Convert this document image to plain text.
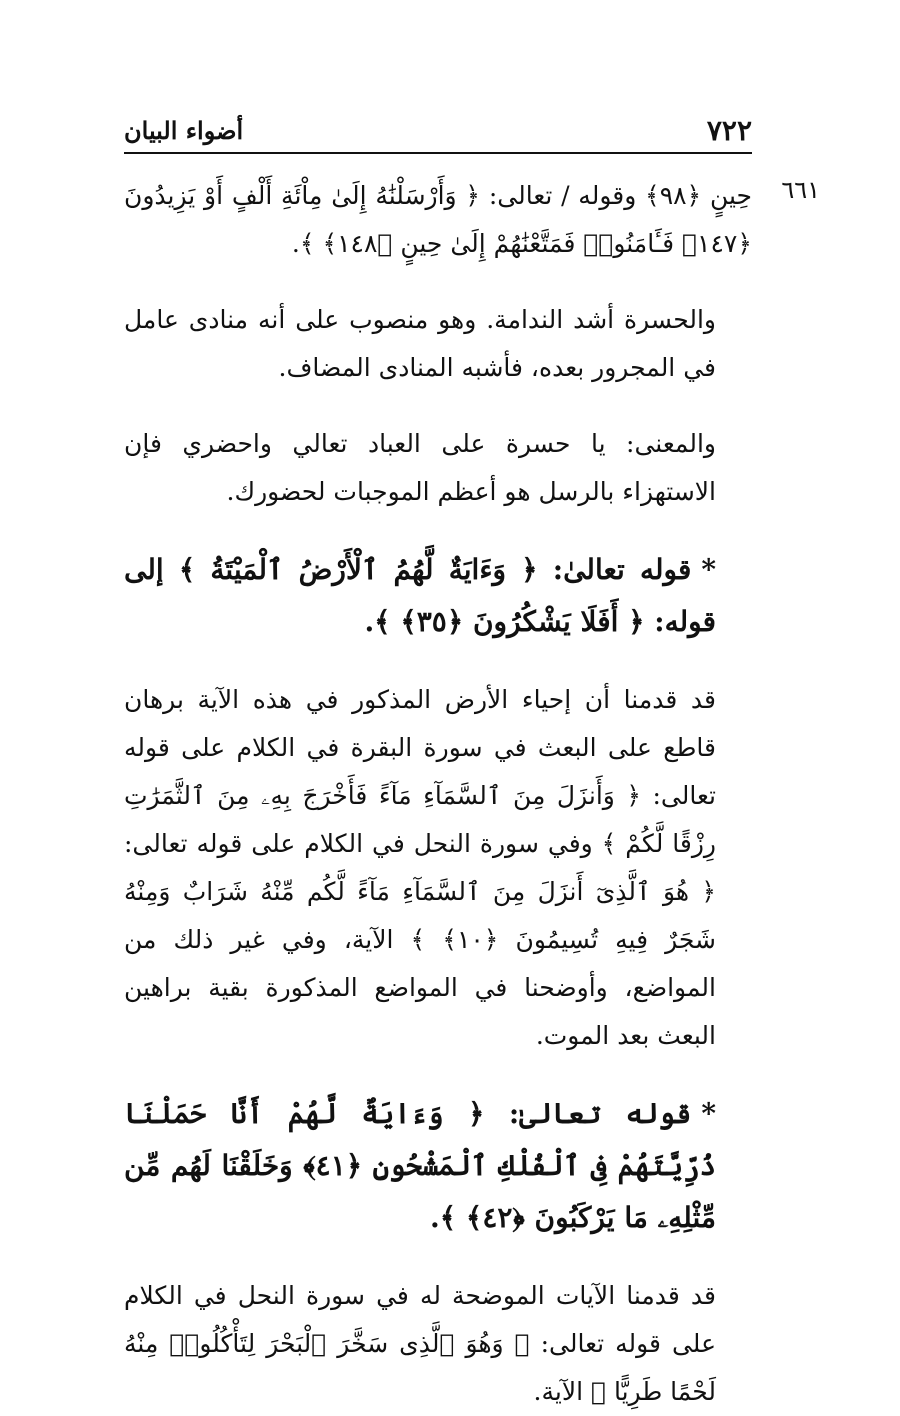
٧٢٢
أضواء البيان
٦٦١

حِينٍ ﴿٩٨﴾ وقوله / تعالى: ﴿ وَأَرْسَلْنَٰهُ إِلَىٰ مِاْئَةِ أَلْفٍ أَوْ يَزِيدُونَ ﴿١٤٧﴾ فَـَٔامَنُوا۟ فَمَتَّعْنَٰهُمْ إِلَىٰ حِينٍ ﴿١٤٨﴾ ﴾.

والحسرة أشد الندامة. وهو منصوب على أنه منادى عامل في المجرور بعده، فأشبه المنادى المضاف.

والمعنى: يا حسرة على العباد تعالي واحضري فإن الاستهزاء بالرسل هو أعظم الموجبات لحضورك.

*قوله تعالىٰ: ﴿ وَءَايَةٌ لَّهُمُ ٱلْأَرْضُ ٱلْمَيْتَةُ ﴾ إلى قوله: ﴿ أَفَلَا يَشْكُرُونَ ﴿٣٥﴾ ﴾.

قد قدمنا أن إحياء الأرض المذكور في هذه الآية برهان قاطع على البعث في سورة البقرة في الكلام على قوله تعالى: ﴿ وَأَنزَلَ مِنَ ٱلسَّمَآءِ مَآءً فَأَخْرَجَ بِهِۦ مِنَ ٱلثَّمَرَٰتِ رِزْقًا لَّكُمْ ﴾ وفي سورة النحل في الكلام على قوله تعالى: ﴿ هُوَ ٱلَّذِىٓ أَنزَلَ مِنَ ٱلسَّمَآءِ مَآءً لَّكُم مِّنْهُ شَرَابٌ وَمِنْهُ شَجَرٌ فِيهِ تُسِيمُونَ ﴿١٠﴾ ﴾ الآية، وفي غير ذلك من المواضع، وأوضحنا في المواضع المذكورة بقية براهين البعث بعد الموت.

*قوله تعالىٰ: ﴿ وَءَايَةٌ لَّهُمْ أَنَّا حَمَلْنَا ذُرِّيَّتَهُمْ فِى ٱلْفُلْكِ ٱلْمَشْحُونِ ﴿٤١﴾ وَخَلَقْنَا لَهُم مِّن مِّثْلِهِۦ مَا يَرْكَبُونَ ﴿٤٢﴾ ﴾.

قد قدمنا الآيات الموضحة له في سورة النحل في الكلام على قوله تعالى: ﴿ وَهُوَ ٱلَّذِى سَخَّرَ ٱلْبَحْرَ لِتَأْكُلُوا۟ مِنْهُ لَحْمًا طَرِيًّا ﴾ الآية.
